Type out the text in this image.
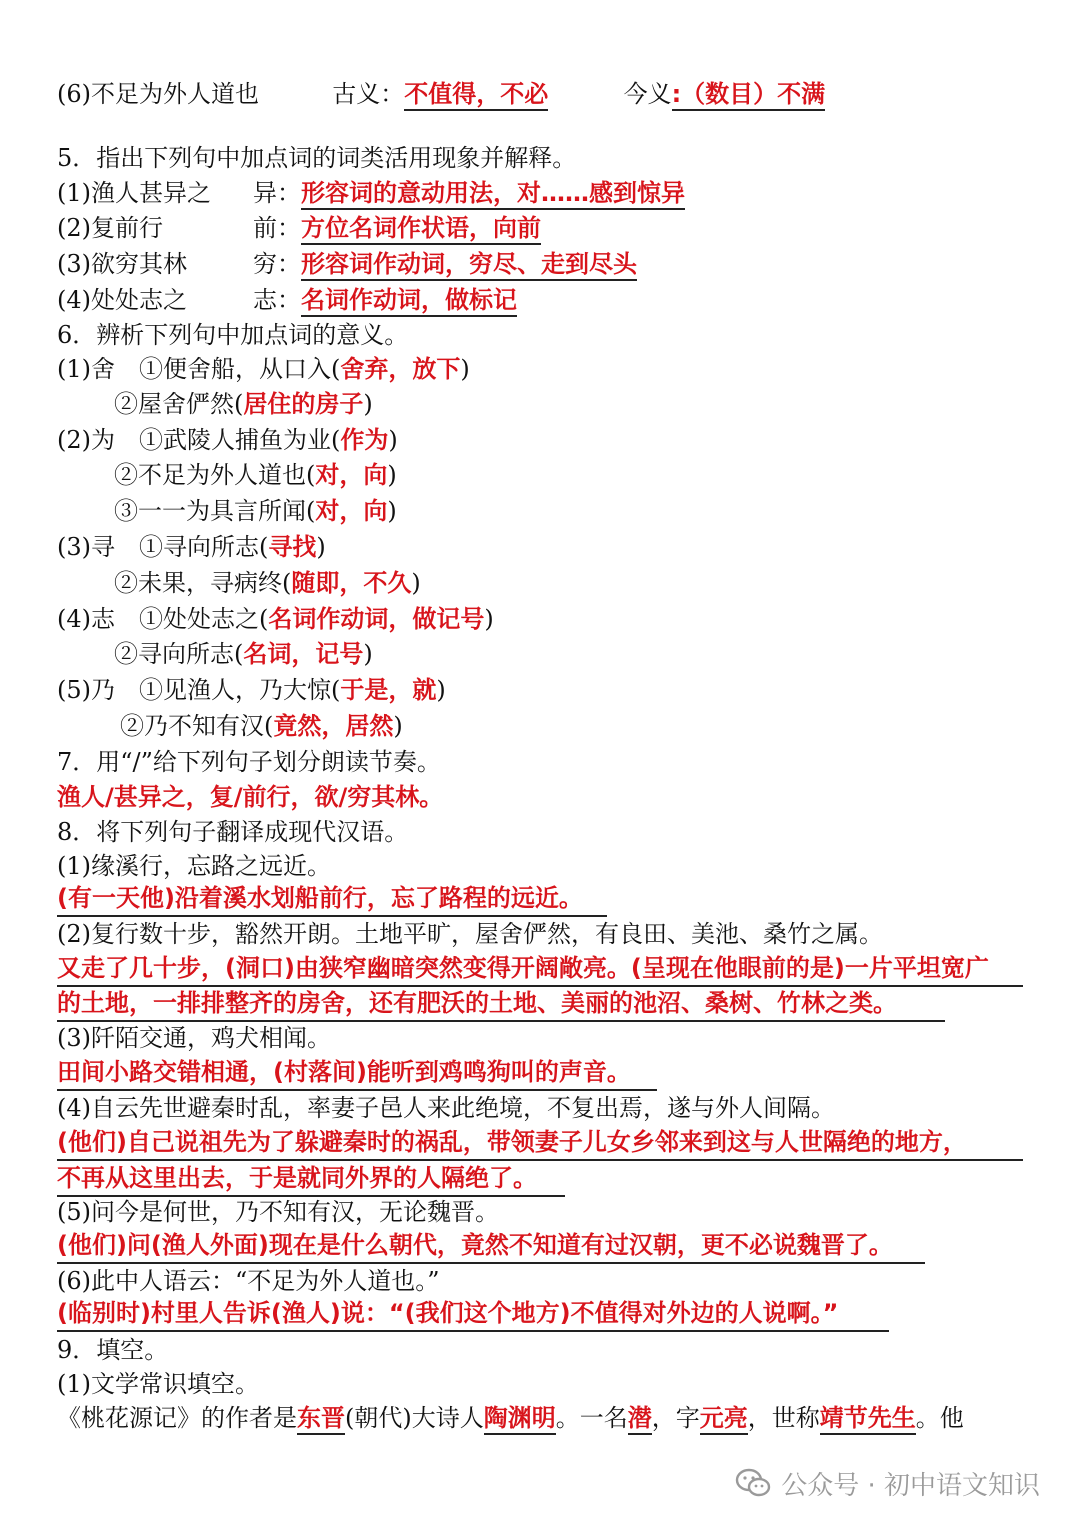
(6)不足为外人道也	古义：不值得，不必	今义:（数目）不满
5．指出下列句中加点词的词类活用现象并解释。
(1)渔人甚异之 异：形容词的意动用法，对……感到惊异
(2)复前行	前：方位名词作状语，向前
(3)欲穷其林	穷：形容词作动词，穷尽、走到尽头
(4)处处志之	志：名词作动词，做标记
6．辨析下列句中加点词的意义。
(1)舍　①便舍船，从口入(舍弃，放下)
②屋舍俨然(居住的房子)
(2)为　①武陵人捕鱼为业(作为)
②不足为外人道也(对，向)
③一一为具言所闻(对，向)
(3)寻　①寻向所志(寻找)
②未果，寻病终(随即，不久)
(4)志　①处处志之(名词作动词，做记号)
②寻向所志(名词，记号)
(5)乃　①见渔人，乃大惊(于是，就)
②乃不知有汉(竟然，居然)
7．用“/”给下列句子划分朗读节奏。
渔人/甚异之，复/前行，欲/穷其林。
8．将下列句子翻译成现代汉语。
(1)缘溪行，忘路之远近。
(有一天他)沿着溪水划船前行，忘了路程的远近。
(2)复行数十步，豁然开朗。土地平旷，屋舍俨然，有良田、美池、桑竹之属。
又走了几十步，(洞口)由狭窄幽暗突然变得开阔敞亮。(呈现在他眼前的是)一片平坦宽广
的土地，一排排整齐的房舍，还有肥沃的土地、美丽的池沼、桑树、竹林之类。
(3)阡陌交通，鸡犬相闻。
田间小路交错相通，(村落间)能听到鸡鸣狗叫的声音。
(4)自云先世避秦时乱，率妻子邑人来此绝境，不复出焉，遂与外人间隔。
(他们)自己说祖先为了躲避秦时的祸乱，带领妻子儿女乡邻来到这与人世隔绝的地方，
不再从这里出去，于是就同外界的人隔绝了。
(5)问今是何世，乃不知有汉，无论魏晋。
(他们)问(渔人外面)现在是什么朝代，竟然不知道有过汉朝，更不必说魏晋了。
(6)此中人语云：“不足为外人道也。”
(临别时)村里人告诉(渔人)说：“(我们这个地方)不值得对外边的人说啊。”
9．填空。
(1)文学常识填空。
《桃花源记》的作者是东晋(朝代)大诗人陶渊明。一名潜，字元亮，世称靖节先生。他
公众号 · 初中语文知识
